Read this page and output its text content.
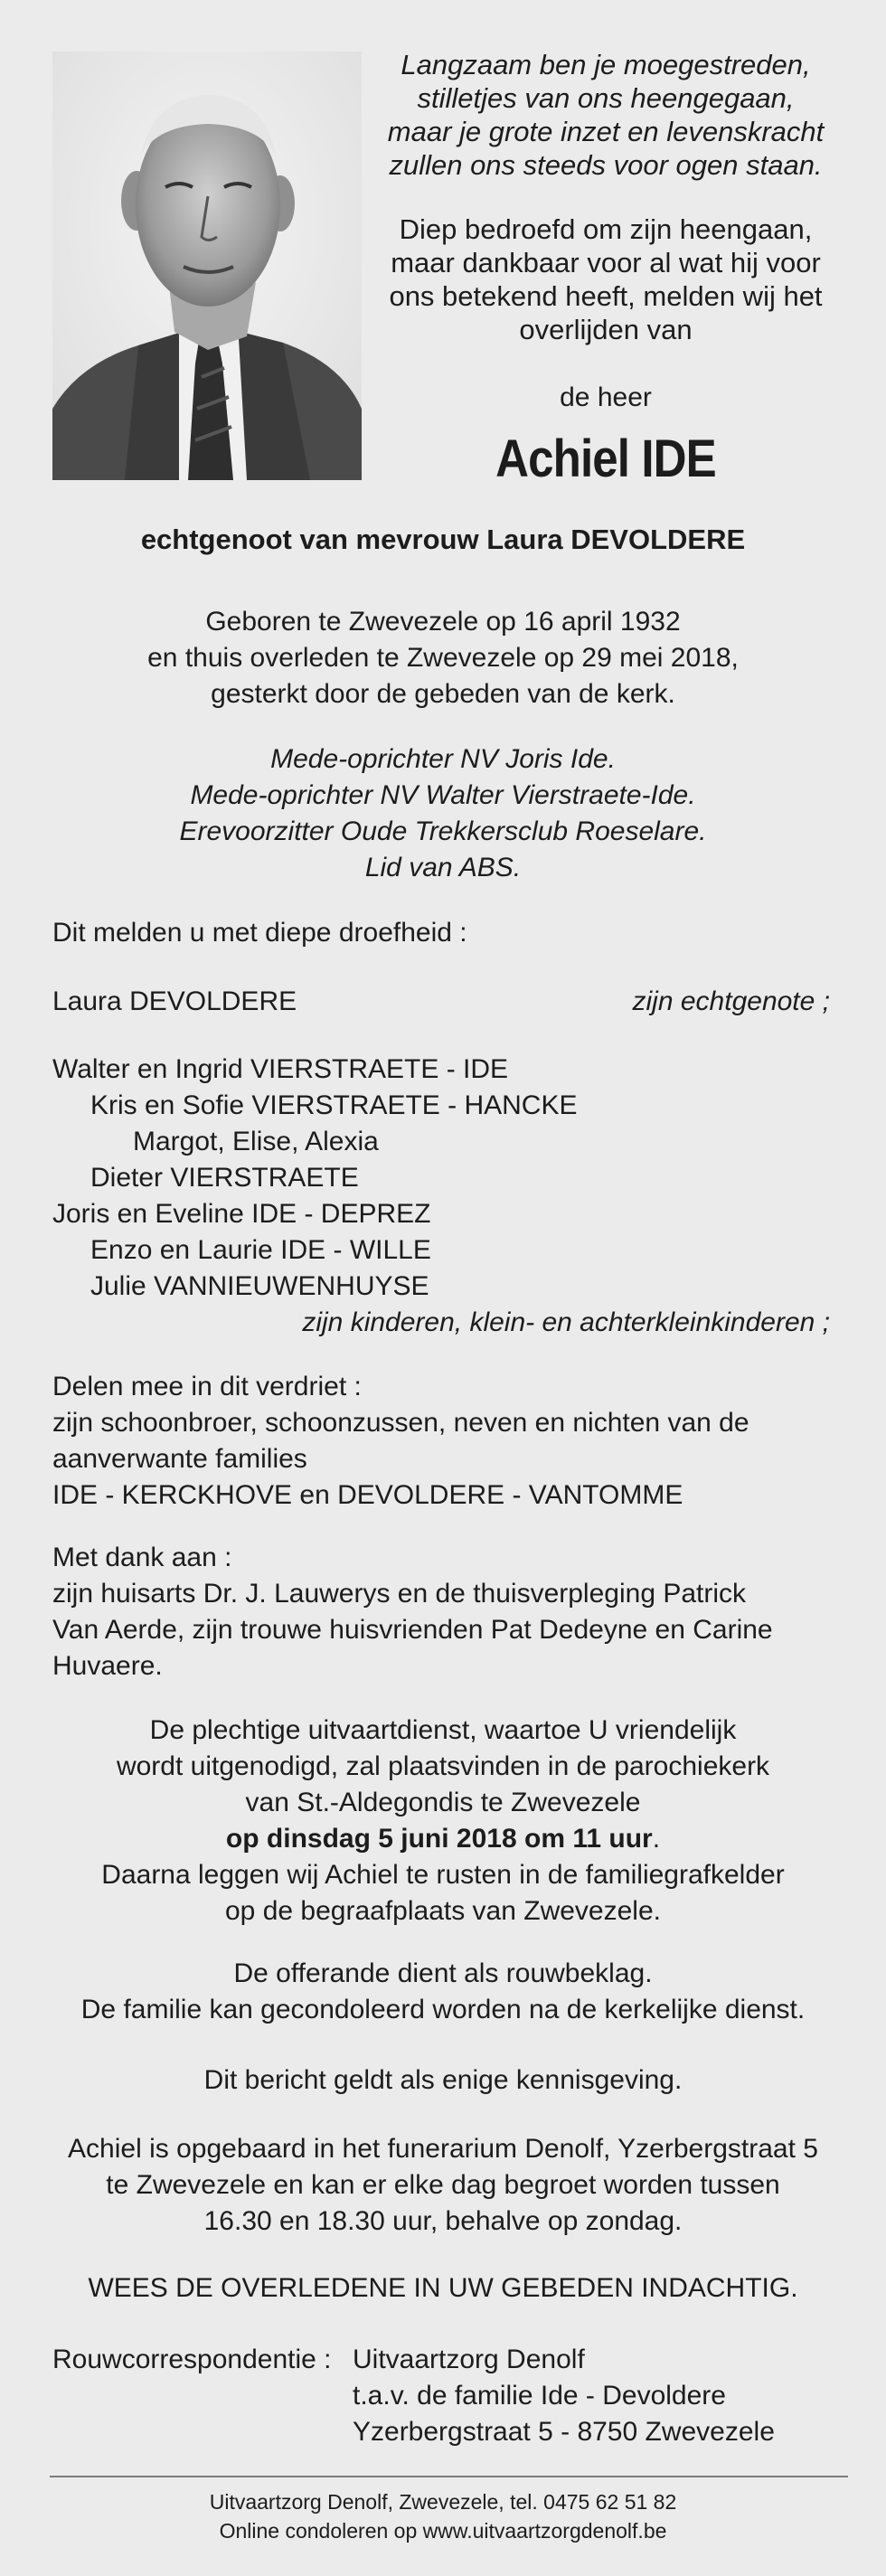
Langzaam ben je moegestreden,

stilletjes van ons heengegaan,

maar je grote inzet en levenskracht

zullen ons steeds voor ogen staan.

Diep bedroefd om zijn heengaan,

maar dankbaar voor al wat hij voor

ons betekend heeft, melden wij het

overlijden van

de heer
Achiel IDE
echtgenoot van mevrouw Laura DEVOLDERE

Geboren te Zwevezele op 16 april 1932

en thuis overleden te Zwevezele op 29 mei 2018,

gesterkt door de gebeden van de kerk.

Mede-oprichter NV Joris Ide.

Mede-oprichter NV Walter Vierstraete-Ide.

Erevoorzitter Oude Trekkersclub Roeselare.

Lid van ABS.

Dit melden u met diepe droefheid :
Laura DEVOLDERE	zijn echtgenote ;
Walter en Ingrid VIERSTRAETE - IDE
Kris en Sofie VIERSTRAETE - HANCKE
Margot, Elise, Alexia
Dieter VIERSTRAETE
Joris en Eveline IDE - DEPREZ
Enzo en Laurie IDE - WILLE
Julie VANNIEUWENHUYSE
zijn kinderen, klein- en achterkleinkinderen ;

Delen mee in dit verdriet :

zijn schoonbroer, schoonzussen, neven en nichten van de

aanverwante families

IDE - KERCKHOVE en DEVOLDERE - VANTOMME

Met dank aan :

zijn huisarts Dr. J. Lauwerys en de thuisverpleging Patrick

Van Aerde, zijn trouwe huisvrienden Pat Dedeyne en Carine

Huvaere.

De plechtige uitvaartdienst, waartoe U vriendelijk

wordt uitgenodigd, zal plaatsvinden in de parochiekerk

van St.-Aldegondis te Zwevezele

op dinsdag 5 juni 2018 om 11 uur.

Daarna leggen wij Achiel te rusten in de familiegrafkelder

op de begraafplaats van Zwevezele.

De offerande dient als rouwbeklag.

De familie kan gecondoleerd worden na de kerkelijke dienst.

Dit bericht geldt als enige kennisgeving.

Achiel is opgebaard in het funerarium Denolf, Yzerbergstraat 5

te Zwevezele en kan er elke dag begroet worden tussen

16.30 en 18.30 uur, behalve op zondag.

WEES DE OVERLEDENE IN UW GEBEDEN INDACHTIG.
Rouwcorrespondentie : Uitvaartzorg Denolf

t.a.v. de familie Ide - Devoldere

Yzerbergstraat 5 - 8750 Zwevezele

Uitvaartzorg Denolf, Zwevezele, tel. 0475 62 51 82
Online condoleren op www.uitvaartzorgdenolf.be
